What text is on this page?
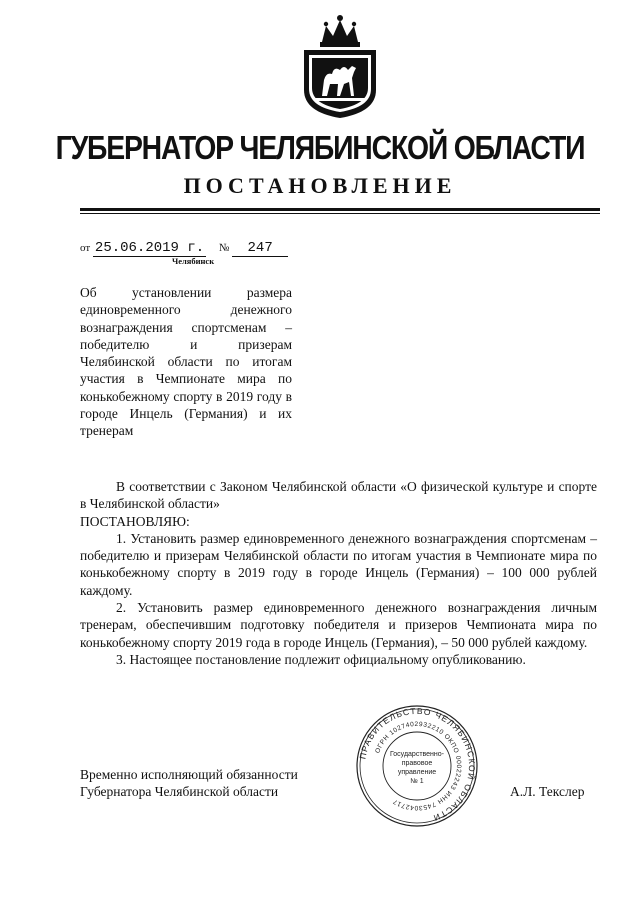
ГУБЕРНАТОР ЧЕЛЯБИНСКОЙ ОБЛАСТИ
ПОСТАНОВЛЕНИЕ
от 25.06.2019 г. № 247
Челябинск
Об установлении размера единовременного денежного вознаграждения спортсменам – победителю и призерам Челябинской области по итогам участия в Чемпионате мира по конькобежному спорту в 2019 году в городе Инцель (Германия) и их тренерам

В соответствии с Законом Челябинской области «О физической культуре и спорте в Челябинской области»

ПОСТАНОВЛЯЮ:

1. Установить размер единовременного денежного вознаграждения спортсменам – победителю и призерам Челябинской области по итогам участия в Чемпионате мира по конькобежному спорту в 2019 году в городе Инцель (Германия) – 100 000 рублей каждому.

2. Установить размер единовременного денежного вознаграждения личным тренерам, обеспечившим подготовку победителя и призеров Чемпионата мира по конькобежному спорту 2019 года в городе Инцель (Германия), – 50 000 рублей каждому.

3. Настоящее постановление подлежит официальному опубликованию.

Временно исполняющий обязанности
Губернатора Челябинской области	А.Л. Текслер
ПРАВИТЕЛЬСТВО ЧЕЛЯБИНСКОЙ ОБЛАСТИ
ОГРН 1027402932210 ОКПО 00022243 ИНН 7453042717
Государственно-
правовое
управление
№ 1
